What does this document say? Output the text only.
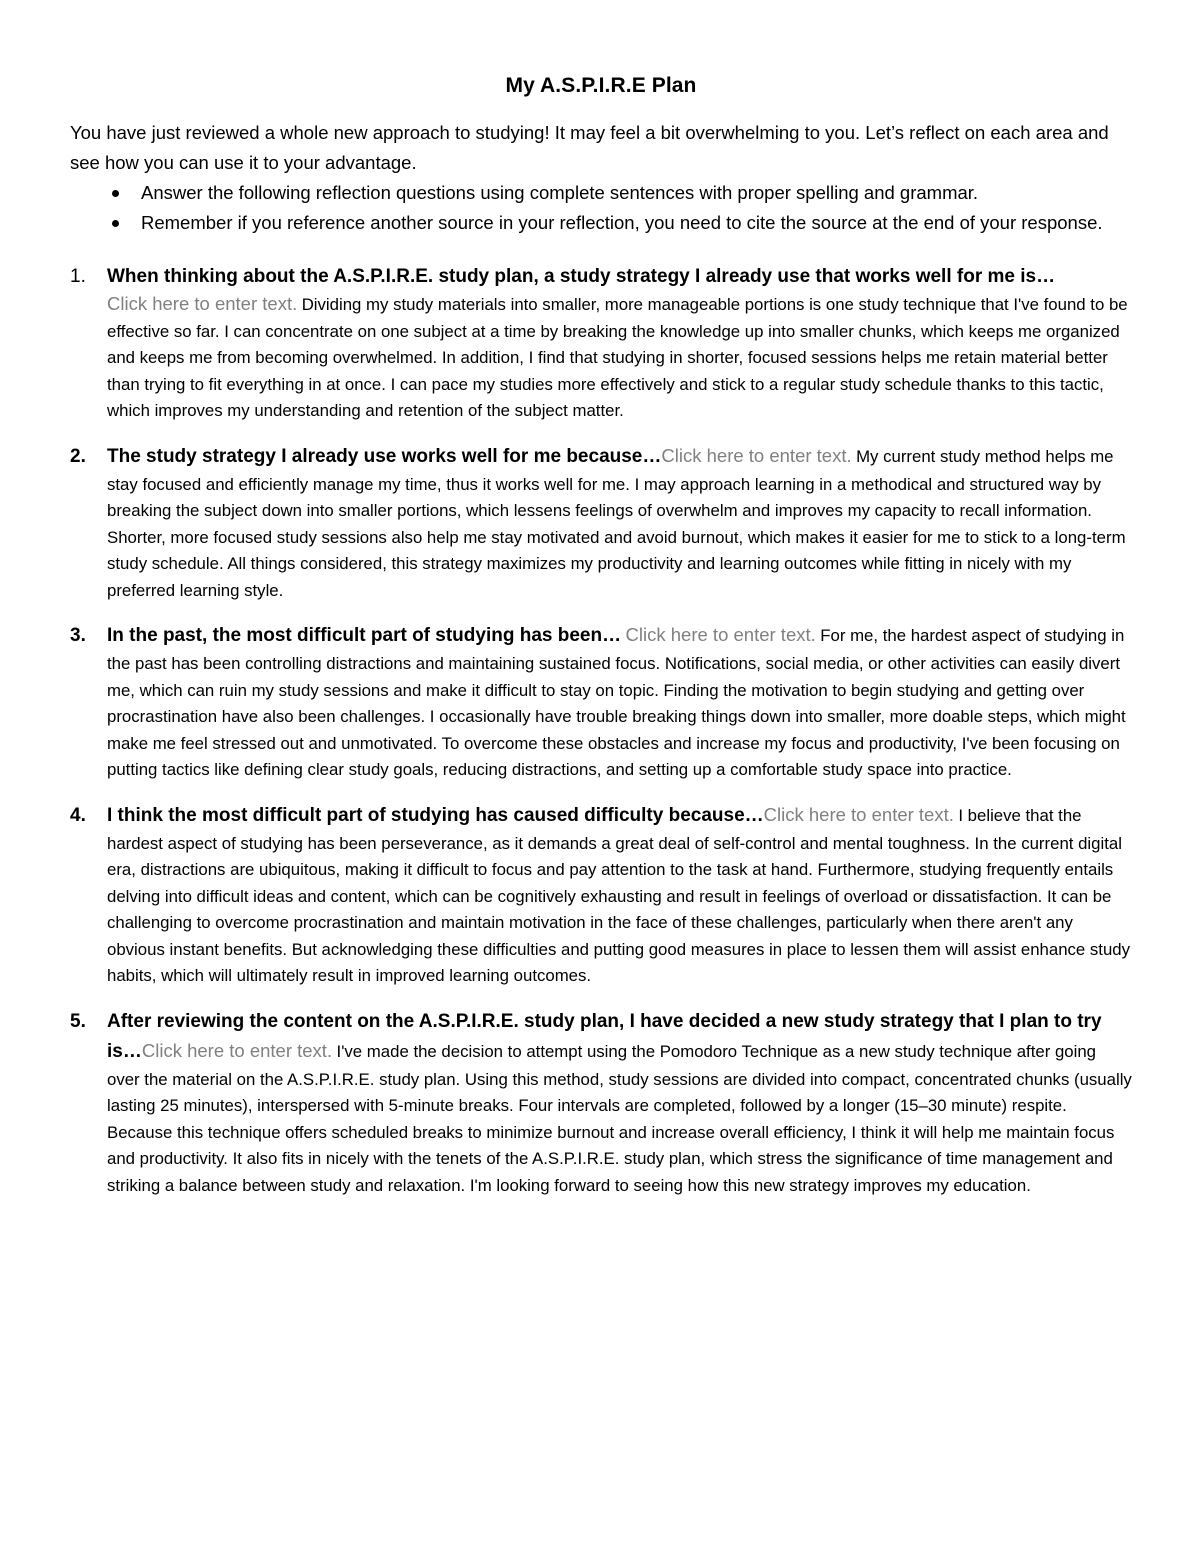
My A.S.P.I.R.E Plan

You have just reviewed a whole new approach to studying! It may feel a bit overwhelming to you. Let’s reflect on each area and see how you can use it to your advantage.

Answer the following reflection questions using complete sentences with proper spelling and grammar.
Remember if you reference another source in your reflection, you need to cite the source at the end of your response.
1. When thinking about the A.S.P.I.R.E. study plan, a study strategy I already use that works well for me is…
Click here to enter text. Dividing my study materials into smaller, more manageable portions is one study technique that I've found to be effective so far. I can concentrate on one subject at a time by breaking the knowledge up into smaller chunks, which keeps me organized and keeps me from becoming overwhelmed. In addition, I find that studying in shorter, focused sessions helps me retain material better than trying to fit everything in at once. I can pace my studies more effectively and stick to a regular study schedule thanks to this tactic, which improves my understanding and retention of the subject matter.
2. The study strategy I already use works well for me because…Click here to enter text. My current study method helps me stay focused and efficiently manage my time, thus it works well for me. I may approach learning in a methodical and structured way by breaking the subject down into smaller portions, which lessens feelings of overwhelm and improves my capacity to recall information. Shorter, more focused study sessions also help me stay motivated and avoid burnout, which makes it easier for me to stick to a long-term study schedule. All things considered, this strategy maximizes my productivity and learning outcomes while fitting in nicely with my preferred learning style.
3. In the past, the most difficult part of studying has been… Click here to enter text. For me, the hardest aspect of studying in the past has been controlling distractions and maintaining sustained focus. Notifications, social media, or other activities can easily divert me, which can ruin my study sessions and make it difficult to stay on topic. Finding the motivation to begin studying and getting over procrastination have also been challenges. I occasionally have trouble breaking things down into smaller, more doable steps, which might make me feel stressed out and unmotivated. To overcome these obstacles and increase my focus and productivity, I've been focusing on putting tactics like defining clear study goals, reducing distractions, and setting up a comfortable study space into practice.
4. I think the most difficult part of studying has caused difficulty because…Click here to enter text. I believe that the hardest aspect of studying has been perseverance, as it demands a great deal of self-control and mental toughness. In the current digital era, distractions are ubiquitous, making it difficult to focus and pay attention to the task at hand. Furthermore, studying frequently entails delving into difficult ideas and content, which can be cognitively exhausting and result in feelings of overload or dissatisfaction. It can be challenging to overcome procrastination and maintain motivation in the face of these challenges, particularly when there aren't any obvious instant benefits. But acknowledging these difficulties and putting good measures in place to lessen them will assist enhance study habits, which will ultimately result in improved learning outcomes.
5. After reviewing the content on the A.S.P.I.R.E. study plan, I have decided a new study strategy that I plan to try is…Click here to enter text. I've made the decision to attempt using the Pomodoro Technique as a new study technique after going over the material on the A.S.P.I.R.E. study plan. Using this method, study sessions are divided into compact, concentrated chunks (usually lasting 25 minutes), interspersed with 5-minute breaks. Four intervals are completed, followed by a longer (15–30 minute) respite. Because this technique offers scheduled breaks to minimize burnout and increase overall efficiency, I think it will help me maintain focus and productivity. It also fits in nicely with the tenets of the A.S.P.I.R.E. study plan, which stress the significance of time management and striking a balance between study and relaxation. I'm looking forward to seeing how this new strategy improves my education.
